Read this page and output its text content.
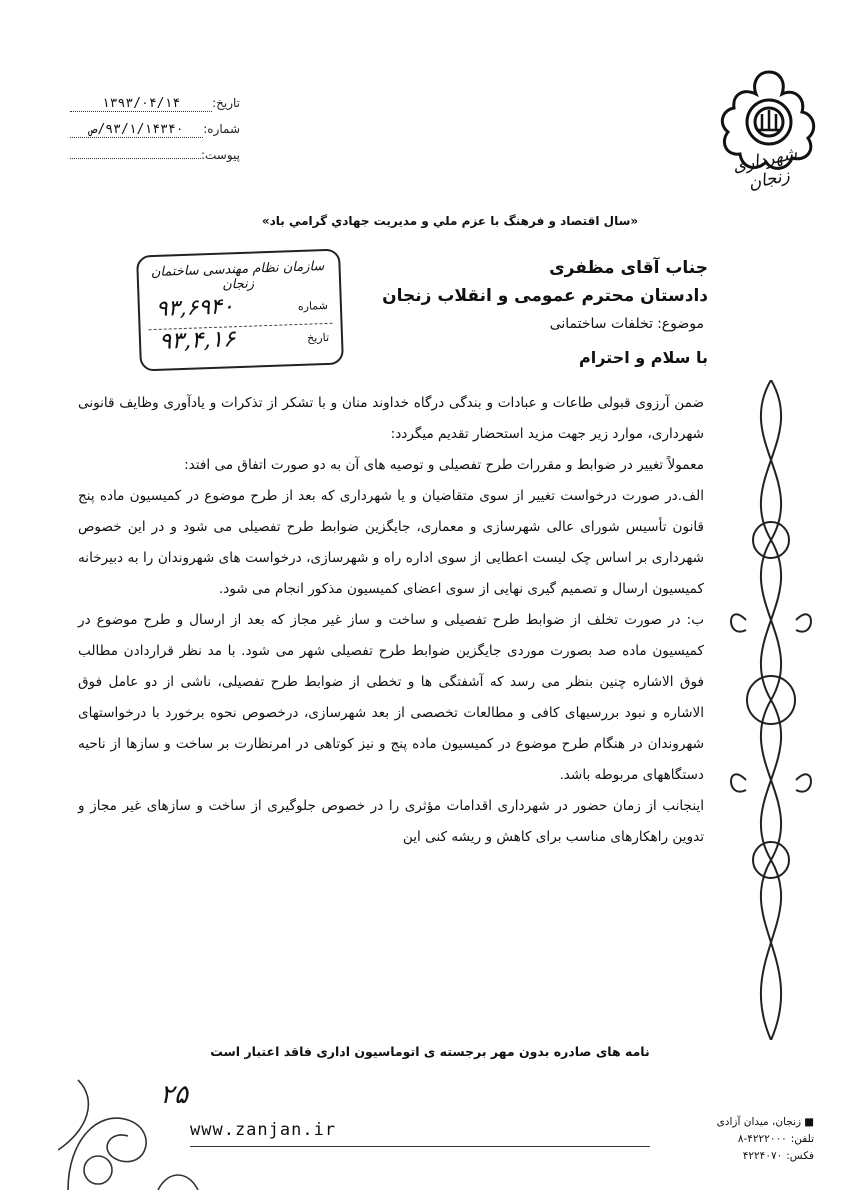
شهرداری زنجان
تاریخ:
۱۳۹۳/۰۴/۱۴
شماره:
۹۳/۱/۱۴۳۴۰/ص
پیوست:
«سال اقتصاد و فرهنگ با عزم ملي و مديريت جهادي گرامي باد»
سازمان نظام مهندسی ساختمان زنجان
شماره
۹۳,۶۹۴۰
تاریخ
۹۳,۴,۱۶
جناب آقای مظفری
دادستان محترم عمومی و انقلاب زنجان
موضوع:تخلفات ساختمانی
با سلام و احترام

ضمن آرزوی قبولی طاعات و عبادات و بندگی درگاه خداوند منان و با تشکر از تذکرات و یادآوری وظایف قانونی شهرداری، موارد زیر جهت مزید استحضار تقدیم میگردد:

معمولاً تغییر در ضوابط و مقررات طرح تفصیلی و توصیه های آن به دو صورت اتفاق می افتد:

الف.در صورت درخواست تغییر از سوی متقاضیان و یا شهرداری که بعد از طرح موضوع در کمیسیون ماده پنج قانون تأسیس شورای عالی شهرسازی و معماری، جایگزین ضوابط طرح تفصیلی می شود و در این خصوص شهرداری بر اساس چک لیست اعطایی از سوی اداره راه و شهرسازی، درخواست های شهروندان را به دبیرخانه کمیسیون ارسال و تصمیم گیری نهایی از سوی اعضای کمیسیون مذکور انجام می شود.

ب: در صورت تخلف از ضوابط طرح تفصیلی و ساخت و ساز غیر مجاز که بعد از ارسال و طرح موضوع در کمیسیون ماده صد بصورت موردی جایگزین ضوابط طرح تفصیلی شهر می شود. با مد نظر قراردادن مطالب فوق الاشاره چنین بنظر می رسد که آشفتگی ها و تخطی از ضوابط طرح تفصیلی، ناشی از دو عامل فوق الاشاره و نبود بررسیهای کافی و مطالعات تخصصی از بعد شهرسازی، درخصوص نحوه برخورد با درخواستهای شهروندان در هنگام طرح موضوع در کمیسیون ماده پنج و نیز کوتاهی در امرنظارت بر ساخت و سازها از ناحیه دستگاههای مربوطه باشد.

اینجانب از زمان حضور در شهرداری اقدامات مؤثری را در خصوص جلوگیری از ساخت و سازهای غیر مجاز و تدوین راهکارهای مناسب برای کاهش و ریشه کنی این

نامه های صادره بدون مهر برجسته ی اتوماسیون اداری فاقد اعتبار است
۲۵
www.zanjan.ir	■زنجان، میدان آزادی
تلفن:۴۲۲۲۰۰۰-۸
فکس:۴۲۲۴۰۷۰
